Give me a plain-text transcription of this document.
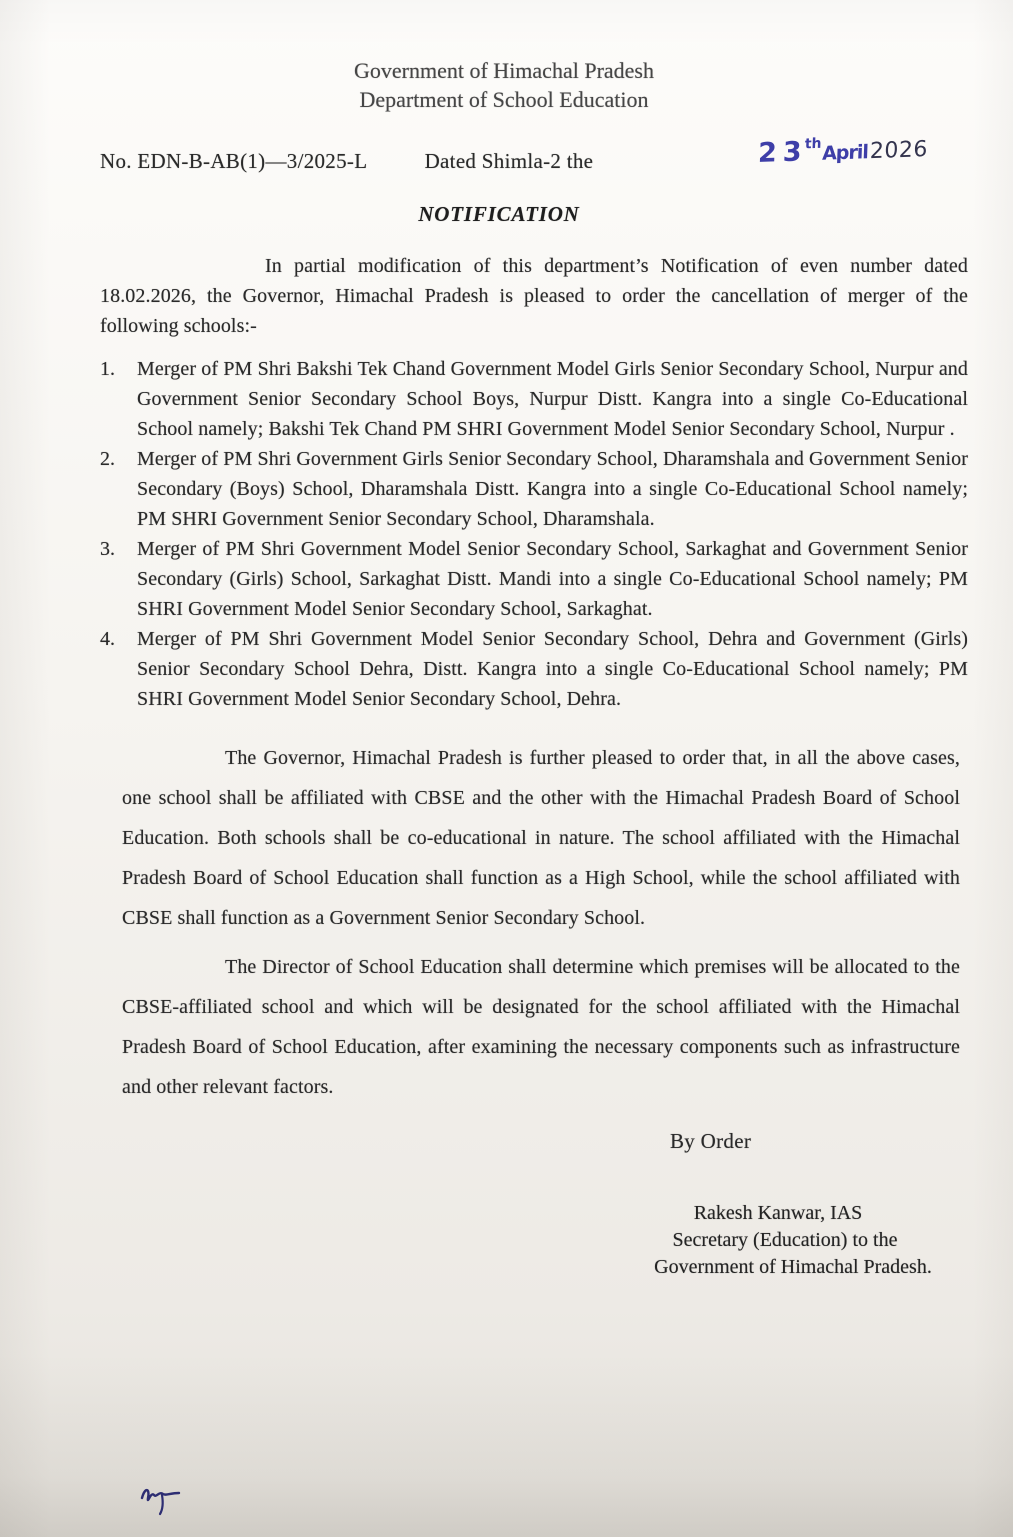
Government of Himachal Pradesh
Department of School Education
No. EDN-B-AB(1)—3/2025-L	Dated Shimla-2 the	23thApril2026
NOTIFICATION

In partial modification of this department’s Notification of even number dated 18.02.2026, the Governor, Himachal Pradesh is pleased to order the cancellation of merger of the following schools:-

1.	Merger of PM Shri Bakshi Tek Chand Government Model Girls Senior Secondary School, Nurpur and Government Senior Secondary School Boys, Nurpur Distt. Kangra into a single Co-Educational School namely; Bakshi Tek Chand PM SHRI Government Model Senior Secondary School, Nurpur .
2.	Merger of PM Shri Government Girls Senior Secondary School, Dharamshala and Government Senior Secondary (Boys) School, Dharamshala Distt. Kangra into a single Co-Educational School namely; PM SHRI Government Senior Secondary School, Dharamshala.
3.	Merger of PM Shri Government Model Senior Secondary School, Sarkaghat and Government Senior Secondary (Girls) School, Sarkaghat Distt. Mandi into a single Co-Educational School namely; PM SHRI Government Model Senior Secondary School, Sarkaghat.
4.	Merger of PM Shri Government Model Senior Secondary School, Dehra and Government (Girls) Senior Secondary School Dehra, Distt. Kangra into a single Co-Educational School namely; PM SHRI Government Model Senior Secondary School, Dehra.

The Governor, Himachal Pradesh is further pleased to order that, in all the above cases, one school shall be affiliated with CBSE and the other with the Himachal Pradesh Board of School Education. Both schools shall be co-educational in nature. The school affiliated with the Himachal Pradesh Board of School Education shall function as a High School, while the school affiliated with CBSE shall function as a Government Senior Secondary School.

The Director of School Education shall determine which premises will be allocated to the CBSE-affiliated school and which will be designated for the school affiliated with the Himachal Pradesh Board of School Education, after examining the necessary components such as infrastructure and other relevant factors.

By Order
Rakesh Kanwar, IAS
Secretary (Education) to the
Government of Himachal Pradesh.
